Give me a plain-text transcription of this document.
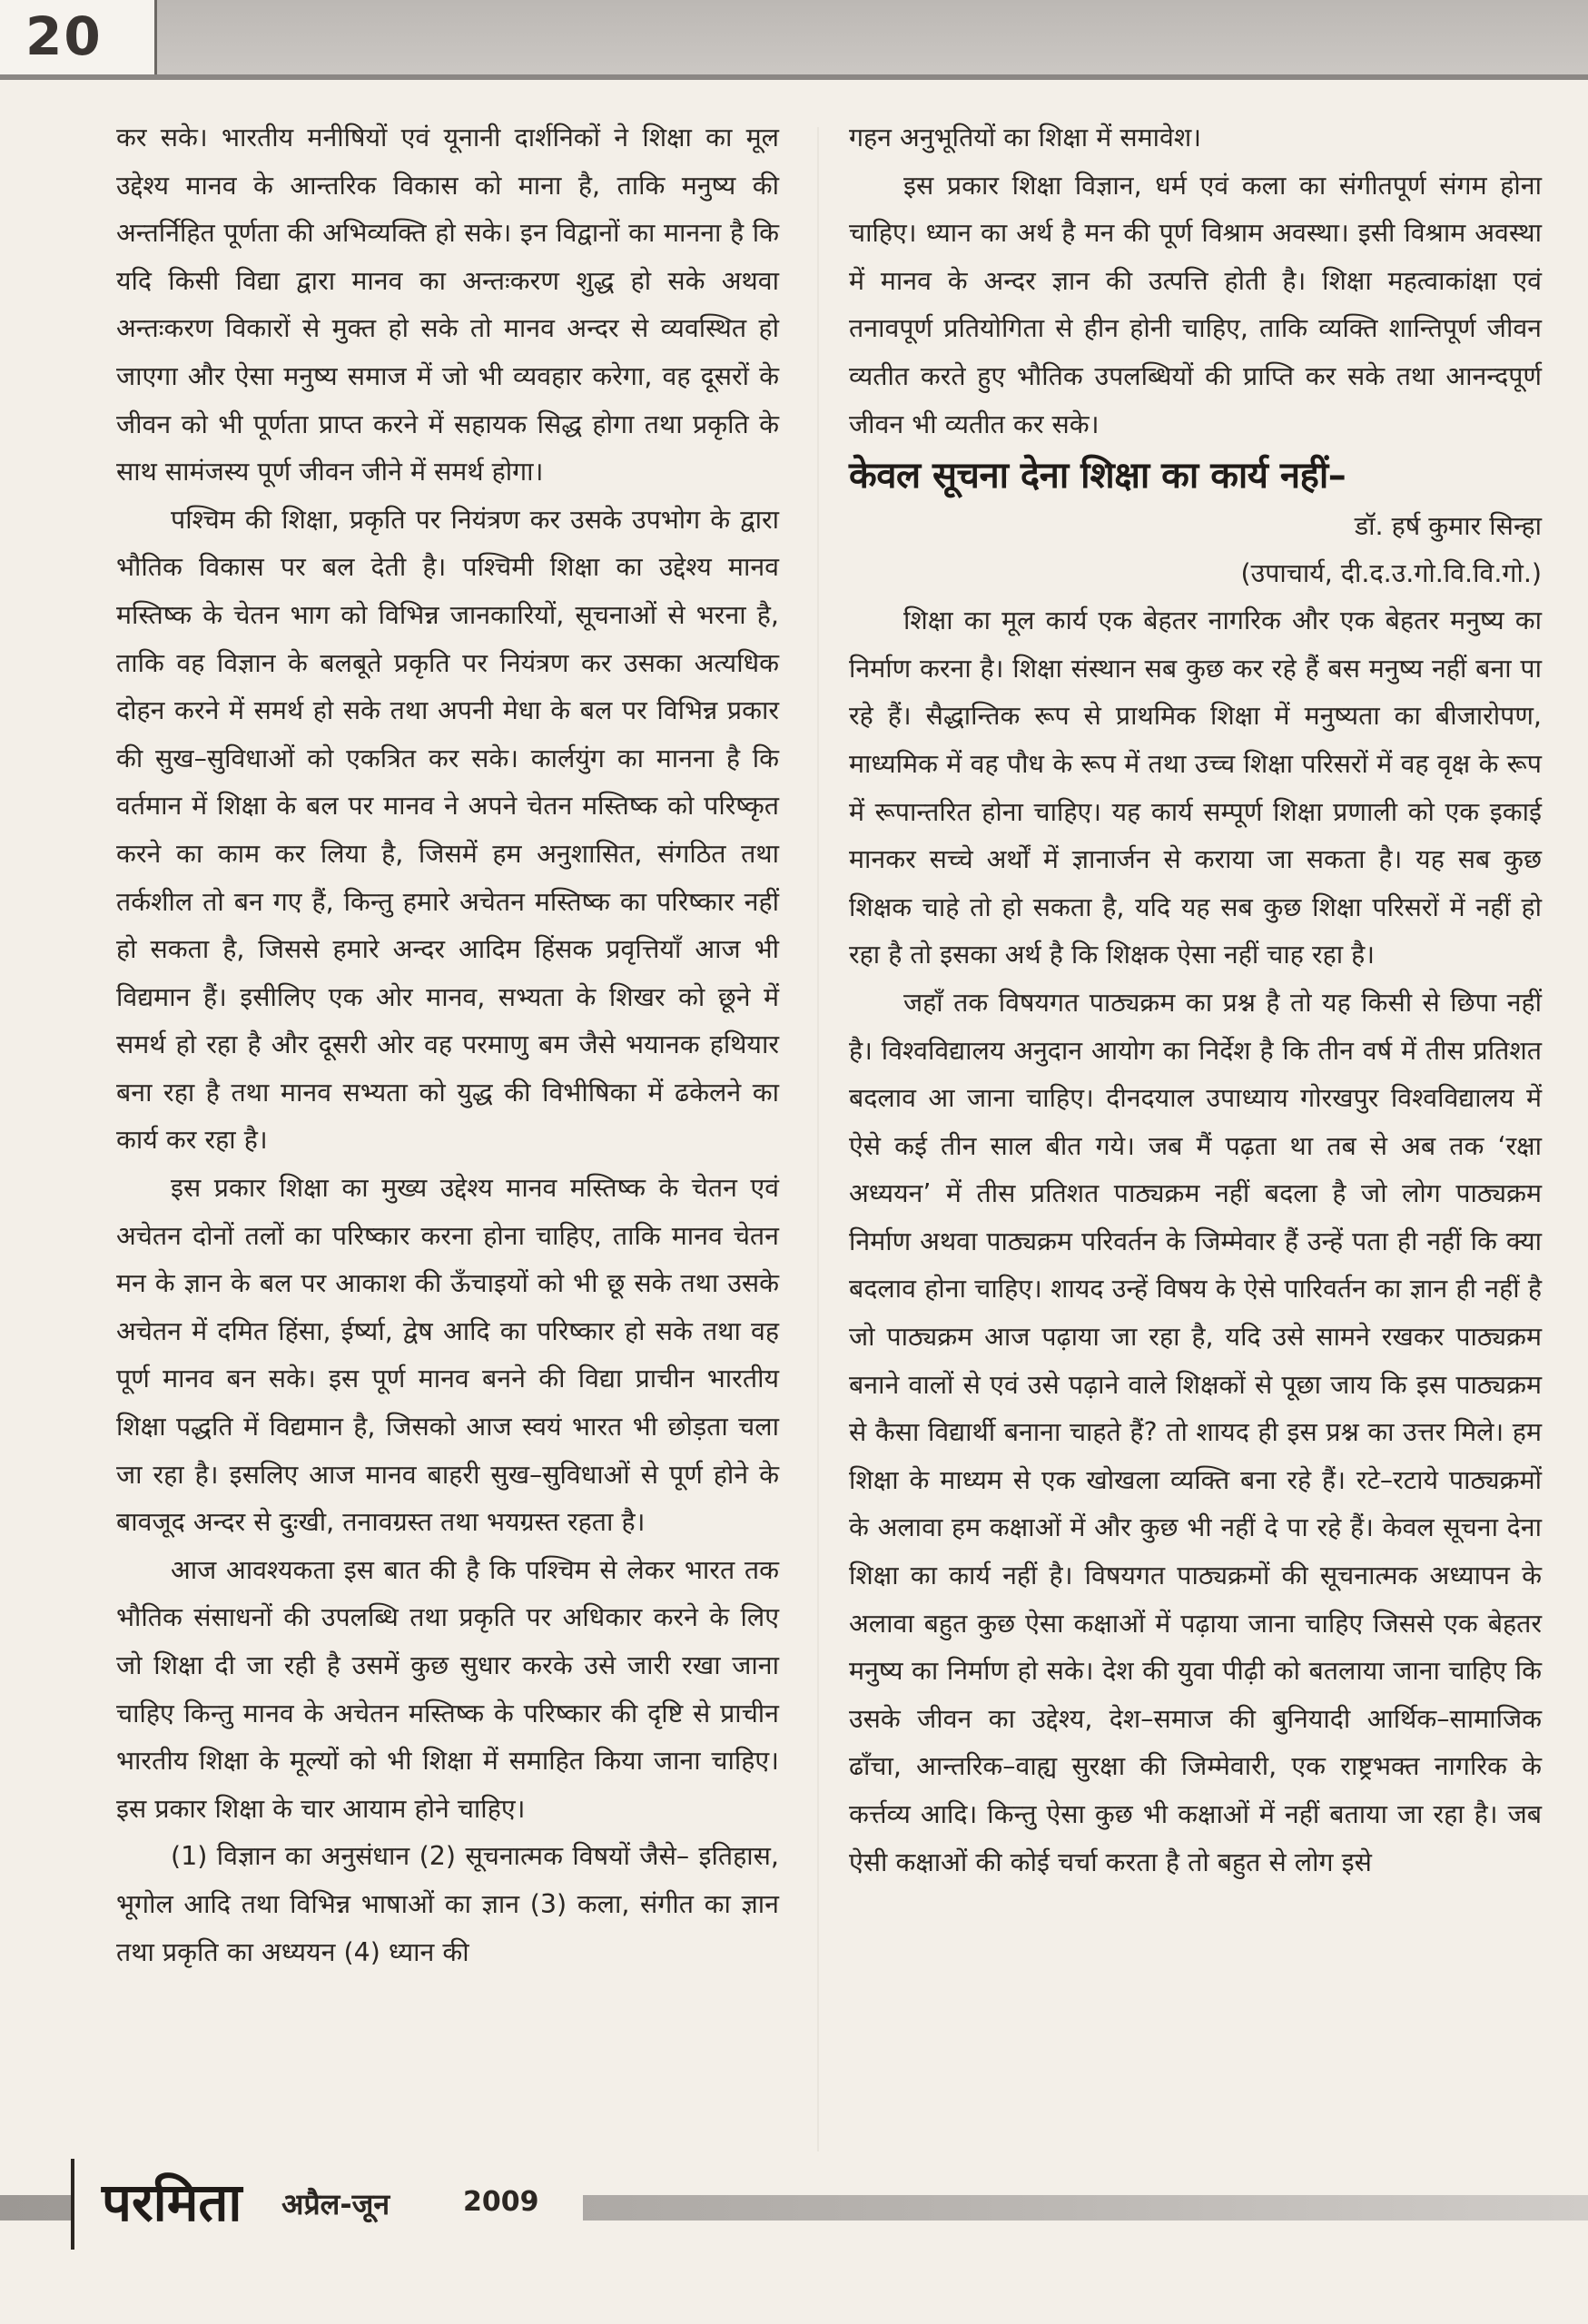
20

कर सके। भारतीय मनीषियों एवं यूनानी दार्शनिकों ने शिक्षा का मूल उद्देश्य मानव के आन्तरिक विकास को माना है, ताकि मनुष्य की अन्तर्निहित पूर्णता की अभिव्यक्ति हो सके। इन विद्वानों का मानना है कि यदि किसी विद्या द्वारा मानव का अन्तःकरण शुद्ध हो सके अथवा अन्तःकरण विकारों से मुक्त हो सके तो मानव अन्दर से व्यवस्थित हो जाएगा और ऐसा मनुष्य समाज में जो भी व्यवहार करेगा, वह दूसरों के जीवन को भी पूर्णता प्राप्त करने में सहायक सिद्ध होगा तथा प्रकृति के साथ सामंजस्य पूर्ण जीवन जीने में समर्थ होगा।

पश्चिम की शिक्षा, प्रकृति पर नियंत्रण कर उसके उपभोग के द्वारा भौतिक विकास पर बल देती है। पश्चिमी शिक्षा का उद्देश्य मानव मस्तिष्क के चेतन भाग को विभिन्न जानकारियों, सूचनाओं से भरना है, ताकि वह विज्ञान के बलबूते प्रकृति पर नियंत्रण कर उसका अत्यधिक दोहन करने में समर्थ हो सके तथा अपनी मेधा के बल पर विभिन्न प्रकार की सुख–सुविधाओं को एकत्रित कर सके। कार्लयुंग का मानना है कि वर्तमान में शिक्षा के बल पर मानव ने अपने चेतन मस्तिष्क को परिष्कृत करने का काम कर लिया है, जिसमें हम अनुशासित, संगठित तथा तर्कशील तो बन गए हैं, किन्तु हमारे अचेतन मस्तिष्क का परिष्कार नहीं हो सकता है, जिससे हमारे अन्दर आदिम हिंसक प्रवृत्तियाँ आज भी विद्यमान हैं। इसीलिए एक ओर मानव, सभ्यता के शिखर को छूने में समर्थ हो रहा है और दूसरी ओर वह परमाणु बम जैसे भयानक हथियार बना रहा है तथा मानव सभ्यता को युद्ध की विभीषिका में ढकेलने का कार्य कर रहा है।

इस प्रकार शिक्षा का मुख्य उद्देश्य मानव मस्तिष्क के चेतन एवं अचेतन दोनों तलों का परिष्कार करना होना चाहिए, ताकि मानव चेतन मन के ज्ञान के बल पर आकाश की ऊँचाइयों को भी छू सके तथा उसके अचेतन में दमित हिंसा, ईर्ष्या, द्वेष आदि का परिष्कार हो सके तथा वह पूर्ण मानव बन सके। इस पूर्ण मानव बनने की विद्या प्राचीन भारतीय शिक्षा पद्धति में विद्यमान है, जिसको आज स्वयं भारत भी छोड़ता चला जा रहा है। इसलिए आज मानव बाहरी सुख–सुविधाओं से पूर्ण होने के बावजूद अन्दर से दुःखी, तनावग्रस्त तथा भयग्रस्त रहता है।

आज आवश्यकता इस बात की है कि पश्चिम से लेकर भारत तक भौतिक संसाधनों की उपलब्धि तथा प्रकृति पर अधिकार करने के लिए जो शिक्षा दी जा रही है उसमें कुछ सुधार करके उसे जारी रखा जाना चाहिए किन्तु मानव के अचेतन मस्तिष्क के परिष्कार की दृष्टि से प्राचीन भारतीय शिक्षा के मूल्यों को भी शिक्षा में समाहित किया जाना चाहिए। इस प्रकार शिक्षा के चार आयाम होने चाहिए।

(1) विज्ञान का अनुसंधान (2) सूचनात्मक विषयों जैसे– इतिहास, भूगोल आदि तथा विभिन्न भाषाओं का ज्ञान (3) कला, संगीत का ज्ञान तथा प्रकृति का अध्ययन (4) ध्यान की

गहन अनुभूतियों का शिक्षा में समावेश।

इस प्रकार शिक्षा विज्ञान, धर्म एवं कला का संगीतपूर्ण संगम होना चाहिए। ध्यान का अर्थ है मन की पूर्ण विश्राम अवस्था। इसी विश्राम अवस्था में मानव के अन्दर ज्ञान की उत्पत्ति होती है। शिक्षा महत्वाकांक्षा एवं तनावपूर्ण प्रतियोगिता से हीन होनी चाहिए, ताकि व्यक्ति शान्तिपूर्ण जीवन व्यतीत करते हुए भौतिक उपलब्धियों की प्राप्ति कर सके तथा आनन्दपूर्ण जीवन भी व्यतीत कर सके।

केवल सूचना देना शिक्षा का कार्य नहीं–

डॉ. हर्ष कुमार सिन्हा

(उपाचार्य, दी.द.उ.गो.वि.वि.गो.)

शिक्षा का मूल कार्य एक बेहतर नागरिक और एक बेहतर मनुष्य का निर्माण करना है। शिक्षा संस्थान सब कुछ कर रहे हैं बस मनुष्य नहीं बना पा रहे हैं। सैद्धान्तिक रूप से प्राथमिक शिक्षा में मनुष्यता का बीजारोपण, माध्यमिक में वह पौध के रूप में तथा उच्च शिक्षा परिसरों में वह वृक्ष के रूप में रूपान्तरित होना चाहिए। यह कार्य सम्पूर्ण शिक्षा प्रणाली को एक इकाई मानकर सच्चे अर्थों में ज्ञानार्जन से कराया जा सकता है। यह सब कुछ शिक्षक चाहे तो हो सकता है, यदि यह सब कुछ शिक्षा परिसरों में नहीं हो रहा है तो इसका अर्थ है कि शिक्षक ऐसा नहीं चाह रहा है।

जहाँ तक विषयगत पाठ्यक्रम का प्रश्न है तो यह किसी से छिपा नहीं है। विश्वविद्यालय अनुदान आयोग का निर्देश है कि तीन वर्ष में तीस प्रतिशत बदलाव आ जाना चाहिए। दीनदयाल उपाध्याय गोरखपुर विश्वविद्यालय में ऐसे कई तीन साल बीत गये। जब मैं पढ़ता था तब से अब तक ‘रक्षा अध्ययन’ में तीस प्रतिशत पाठ्यक्रम नहीं बदला है जो लोग पाठ्यक्रम निर्माण अथवा पाठ्यक्रम परिवर्तन के जिम्मेवार हैं उन्हें पता ही नहीं कि क्या बदलाव होना चाहिए। शायद उन्हें विषय के ऐसे पारिवर्तन का ज्ञान ही नहीं है जो पाठ्यक्रम आज पढ़ाया जा रहा है, यदि उसे सामने रखकर पाठ्यक्रम बनाने वालों से एवं उसे पढ़ाने वाले शिक्षकों से पूछा जाय कि इस पाठ्यक्रम से कैसा विद्यार्थी बनाना चाहते हैं? तो शायद ही इस प्रश्न का उत्तर मिले। हम शिक्षा के माध्यम से एक खोखला व्यक्ति बना रहे हैं। रटे–रटाये पाठ्यक्रमों के अलावा हम कक्षाओं में और कुछ भी नहीं दे पा रहे हैं। केवल सूचना देना शिक्षा का कार्य नहीं है। विषयगत पाठ्यक्रमों की सूचनात्मक अध्यापन के अलावा बहुत कुछ ऐसा कक्षाओं में पढ़ाया जाना चाहिए जिससे एक बेहतर मनुष्य का निर्माण हो सके। देश की युवा पीढ़ी को बतलाया जाना चाहिए कि उसके जीवन का उद्देश्य, देश–समाज की बुनियादी आर्थिक–सामाजिक ढाँचा, आन्तरिक–वाह्य सुरक्षा की जिम्मेवारी, एक राष्ट्रभक्त नागरिक के कर्त्तव्य आदि। किन्तु ऐसा कुछ भी कक्षाओं में नहीं बताया जा रहा है। जब ऐसी कक्षाओं की कोई चर्चा करता है तो बहुत से लोग इसे

परमिता अप्रैल-जून	2009
